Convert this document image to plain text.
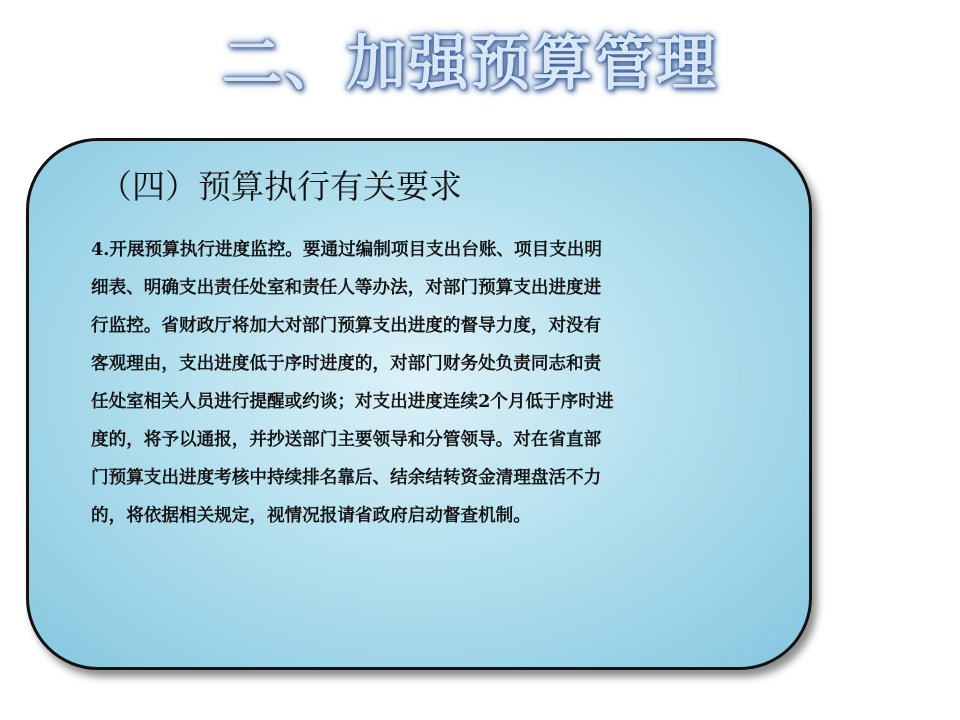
二、加强预算管理
（四）预算执行有关要求
4.开展预算执行进度监控。要通过编制项目支出台账、项目支出明
细表、明确支出责任处室和责任人等办法，对部门预算支出进度进
行监控。省财政厅将加大对部门预算支出进度的督导力度，对没有
客观理由，支出进度低于序时进度的，对部门财务处负责同志和责
任处室相关人员进行提醒或约谈；对支出进度连续2个月低于序时进
度的，将予以通报，并抄送部门主要领导和分管领导。对在省直部
门预算支出进度考核中持续排名靠后、结余结转资金清理盘活不力
的，将依据相关规定，视情况报请省政府启动督查机制。
